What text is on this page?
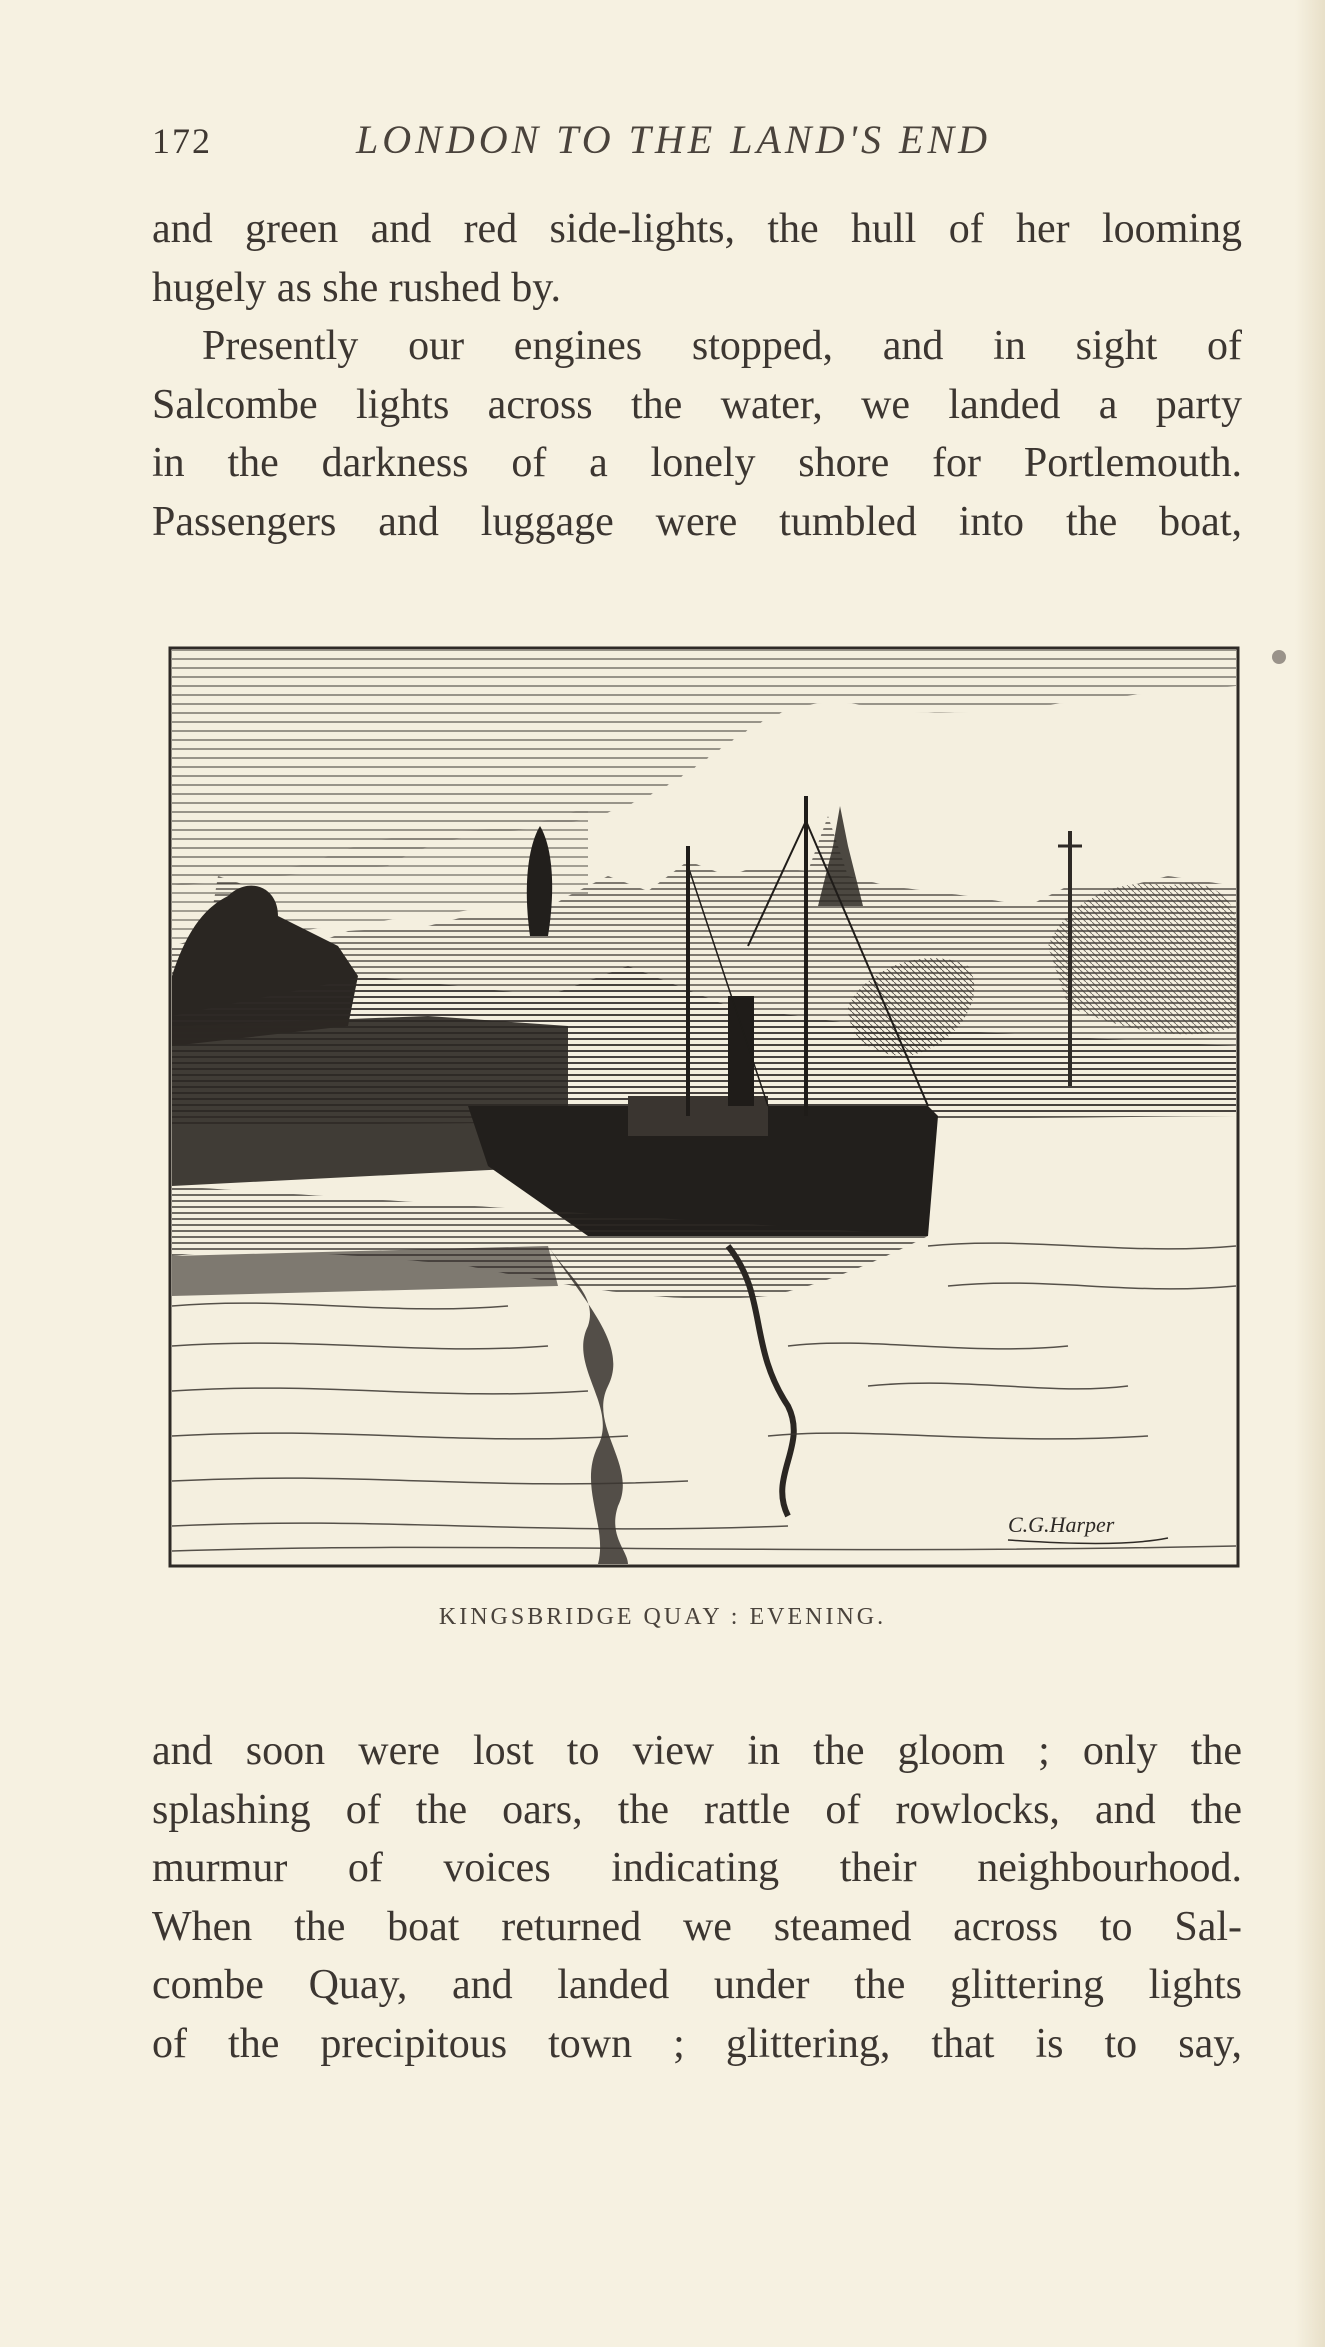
172	LONDON TO THE LAND'S END
and green and red side-lights, the hull of her looming
hugely as she rushed by.
Presently our engines stopped, and in sight of
Salcombe lights across the water, we landed a party
in the darkness of a lonely shore for Portlemouth.
Passengers and luggage were tumbled into the boat,
C.G.Harper
KINGSBRIDGE QUAY : EVENING.
and soon were lost to view in the gloom ; only the
splashing of the oars, the rattle of rowlocks, and the
murmur of voices indicating their neighbourhood.
When the boat returned we steamed across to Sal-
combe Quay, and landed under the glittering lights
of the precipitous town ; glittering, that is to say,
